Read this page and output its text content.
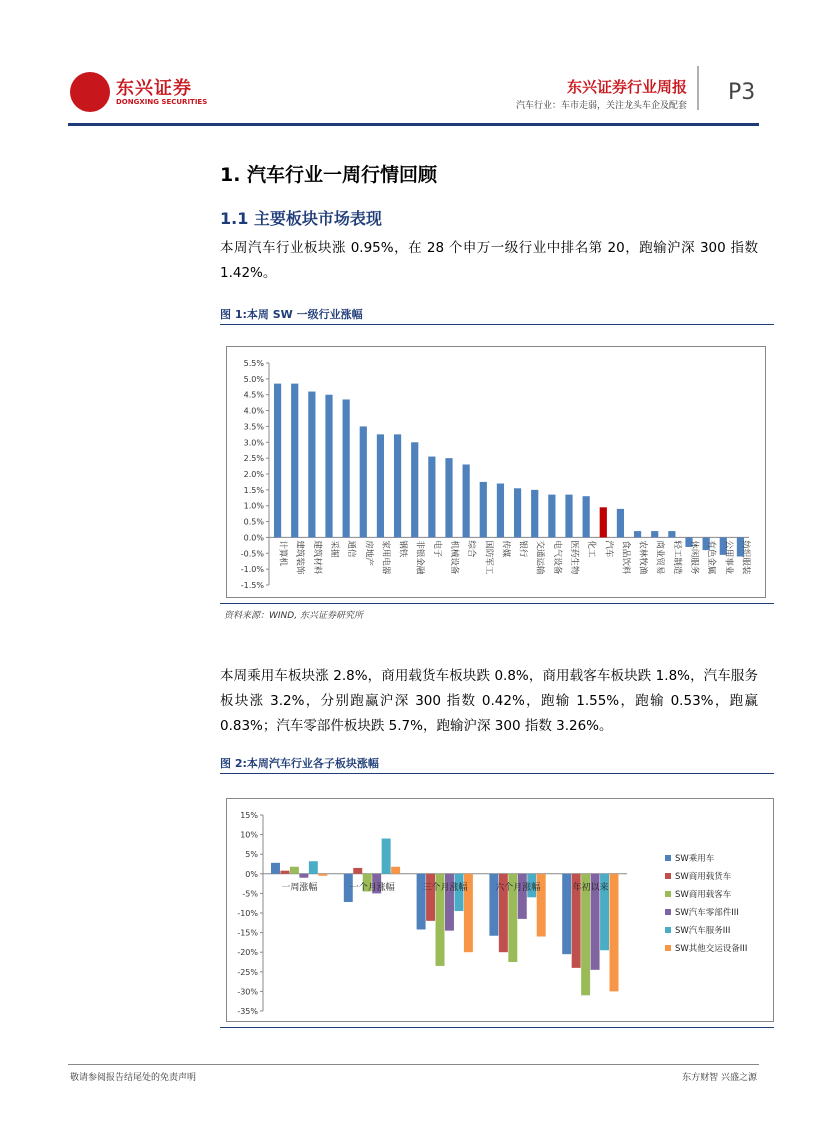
东兴证券
DONGXING SECURITIES
东兴证券行业周报
汽车行业：车市走弱，关注龙头车企及配套
P3
1. 汽车行业一周行情回顾
1.1 主要板块市场表现
本周汽车行业板块涨 0.95%，在 28 个申万一级行业中排名第 20，跑输沪深 300 指数 1.42%。
图 1:本周 SW 一级行业涨幅
5.5%
5.0%
4.5%
4.0%
3.5%
3.0%
2.5%
2.0%
1.5%
1.0%
0.5%
0.0%
-0.5%
-1.0%
-1.5%
计算机 建筑装饰 建筑材料 采掘 通信 房地产 家用电器 钢铁 非银金融 电子 机械设备 综合 国防军工 传媒 银行 交通运输 电气设备 医药生物 化工 汽车 食品饮料 农林牧渔 商业贸易 轻工制造 休闲服务 有色金属 公用事业 纺织服装
资料来源：WIND, 东兴证券研究所
本周乘用车板块涨 2.8%，商用载货车板块跌 0.8%，商用载客车板块跌 1.8%，汽车服务板块涨 3.2%，分别跑赢沪深 300 指数 0.42%，跑输 1.55%，跑输 0.53%，跑赢 0.83%；汽车零部件板块跌 5.7%，跑输沪深 300 指数 3.26%。
图 2:本周汽车行业各子板块涨幅
15%
10%
5%
0%
-5%
-10%
-15%
-20%
-25%
-30%
-35%
一周涨幅	一个月涨幅	三个月涨幅	六个月涨幅	年初以来
SW乘用车
SW商用载货车
SW商用载客车
SW汽车零部件III
SW汽车服务III
SW其他交运设备III
敬请参阅报告结尾处的免责声明	东方财智 兴盛之源
